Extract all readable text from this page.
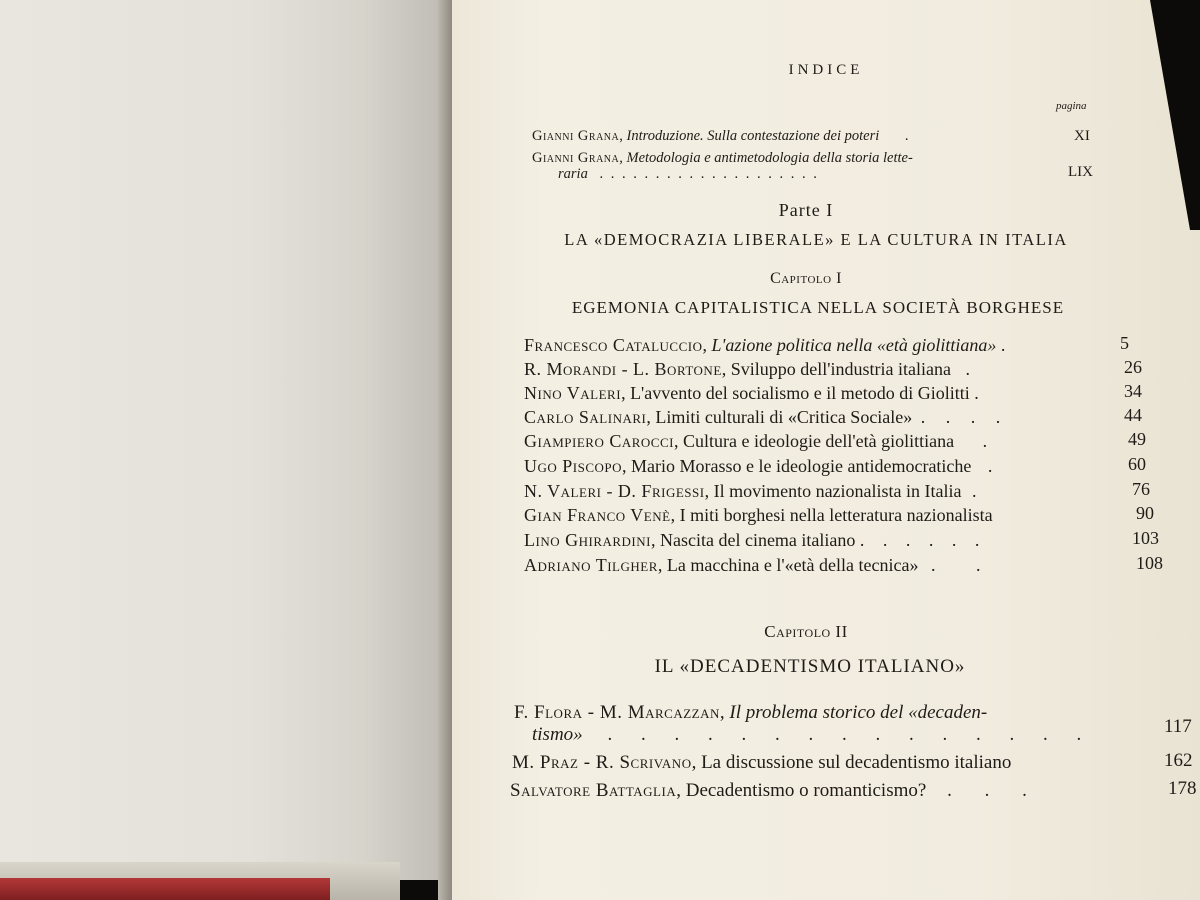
INDICE
pagina
Gianni Grana, Introduzione. Sulla contestazione dei poteri .	XI
Gianni Grana, Metodologia e antimetodologia della storia lette-
raria . . . . . . . . . . . . . . . . . . . .	LIX
Parte I
LA «DEMOCRAZIA LIBERALE» E LA CULTURA IN ITALIA
Capitolo I
EGEMONIA CAPITALISTICA NELLA SOCIETÀ BORGHESE
Francesco Cataluccio, L'azione politica nella «età giolittiana» .	5
R. Morandi - L. Bortone, Sviluppo dell'industria italiana .	26
Nino Valeri, L'avvento del socialismo e il metodo di Giolitti .	34
Carlo Salinari, Limiti culturali di «Critica Sociale» . . . .	44
Giampiero Carocci, Cultura e ideologie dell'età giolittiana .	49
Ugo Piscopo, Mario Morasso e le ideologie antidemocratiche .	60
N. Valeri - D. Frigessi, Il movimento nazionalista in Italia .	76
Gian Franco Venè, I miti borghesi nella letteratura nazionalista	90
Lino Ghirardini, Nascita del cinema italiano . . . . . .	103
Adriano Tilgher, La macchina e l'«età della tecnica» . .	108
Capitolo II
IL «DECADENTISMO ITALIANO»
F. Flora - M. Marcazzan, Il problema storico del «decaden-
tismo» . . . . . . . . . . . . . . .	117
M. Praz - R. Scrivano, La discussione sul decadentismo italiano	162
Salvatore Battaglia, Decadentismo o romanticismo? . . .	178
